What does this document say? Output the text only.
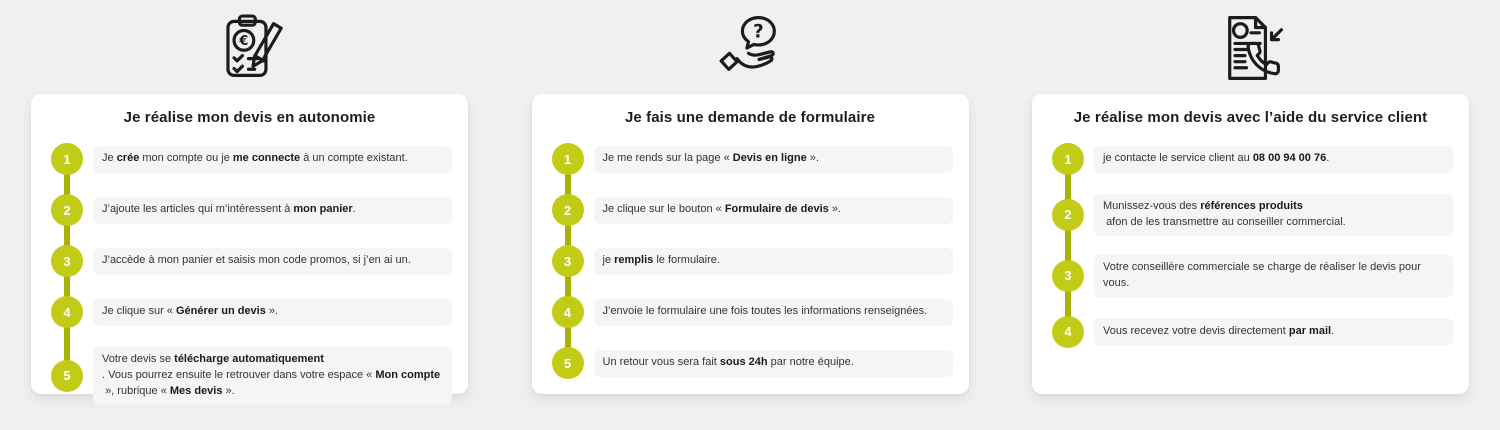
€
Je réalise mon devis en autonomie
1	Je crée mon compte ou je me connecte à un compte existant.
2	J’ajoute les articles qui m’intéressent à mon panier .
3	J’accède à mon panier et saisis mon code promos, si j’en ai un.
4	Je clique sur « Générer un devis ».
5
Votre devis se télécharge automatiquement
. Vous pourrez ensuite le retrouver dans votre espace « Mon compte
», rubrique « Mes devis ».
?
Je fais une demande de formulaire
1	Je me rends sur la page « Devis en ligne ».
2	Je clique sur le bouton « Formulaire de devis ».
3	je remplis le formulaire.
4	J’envoie le formulaire une fois toutes les informations renseignées.
5	Un retour vous sera fait sous 24h par notre équipe.
Je réalise mon devis avec l’aide du service client
1	je contacte le service client au 08 00 94 00 76 .
2
Munissez-vous des références produits
afon de les transmettre au conseiller commercial.
3
Votre conseillère commerciale se charge de réaliser le devis pour vous.
4	Vous recevez votre devis directement par mail .
